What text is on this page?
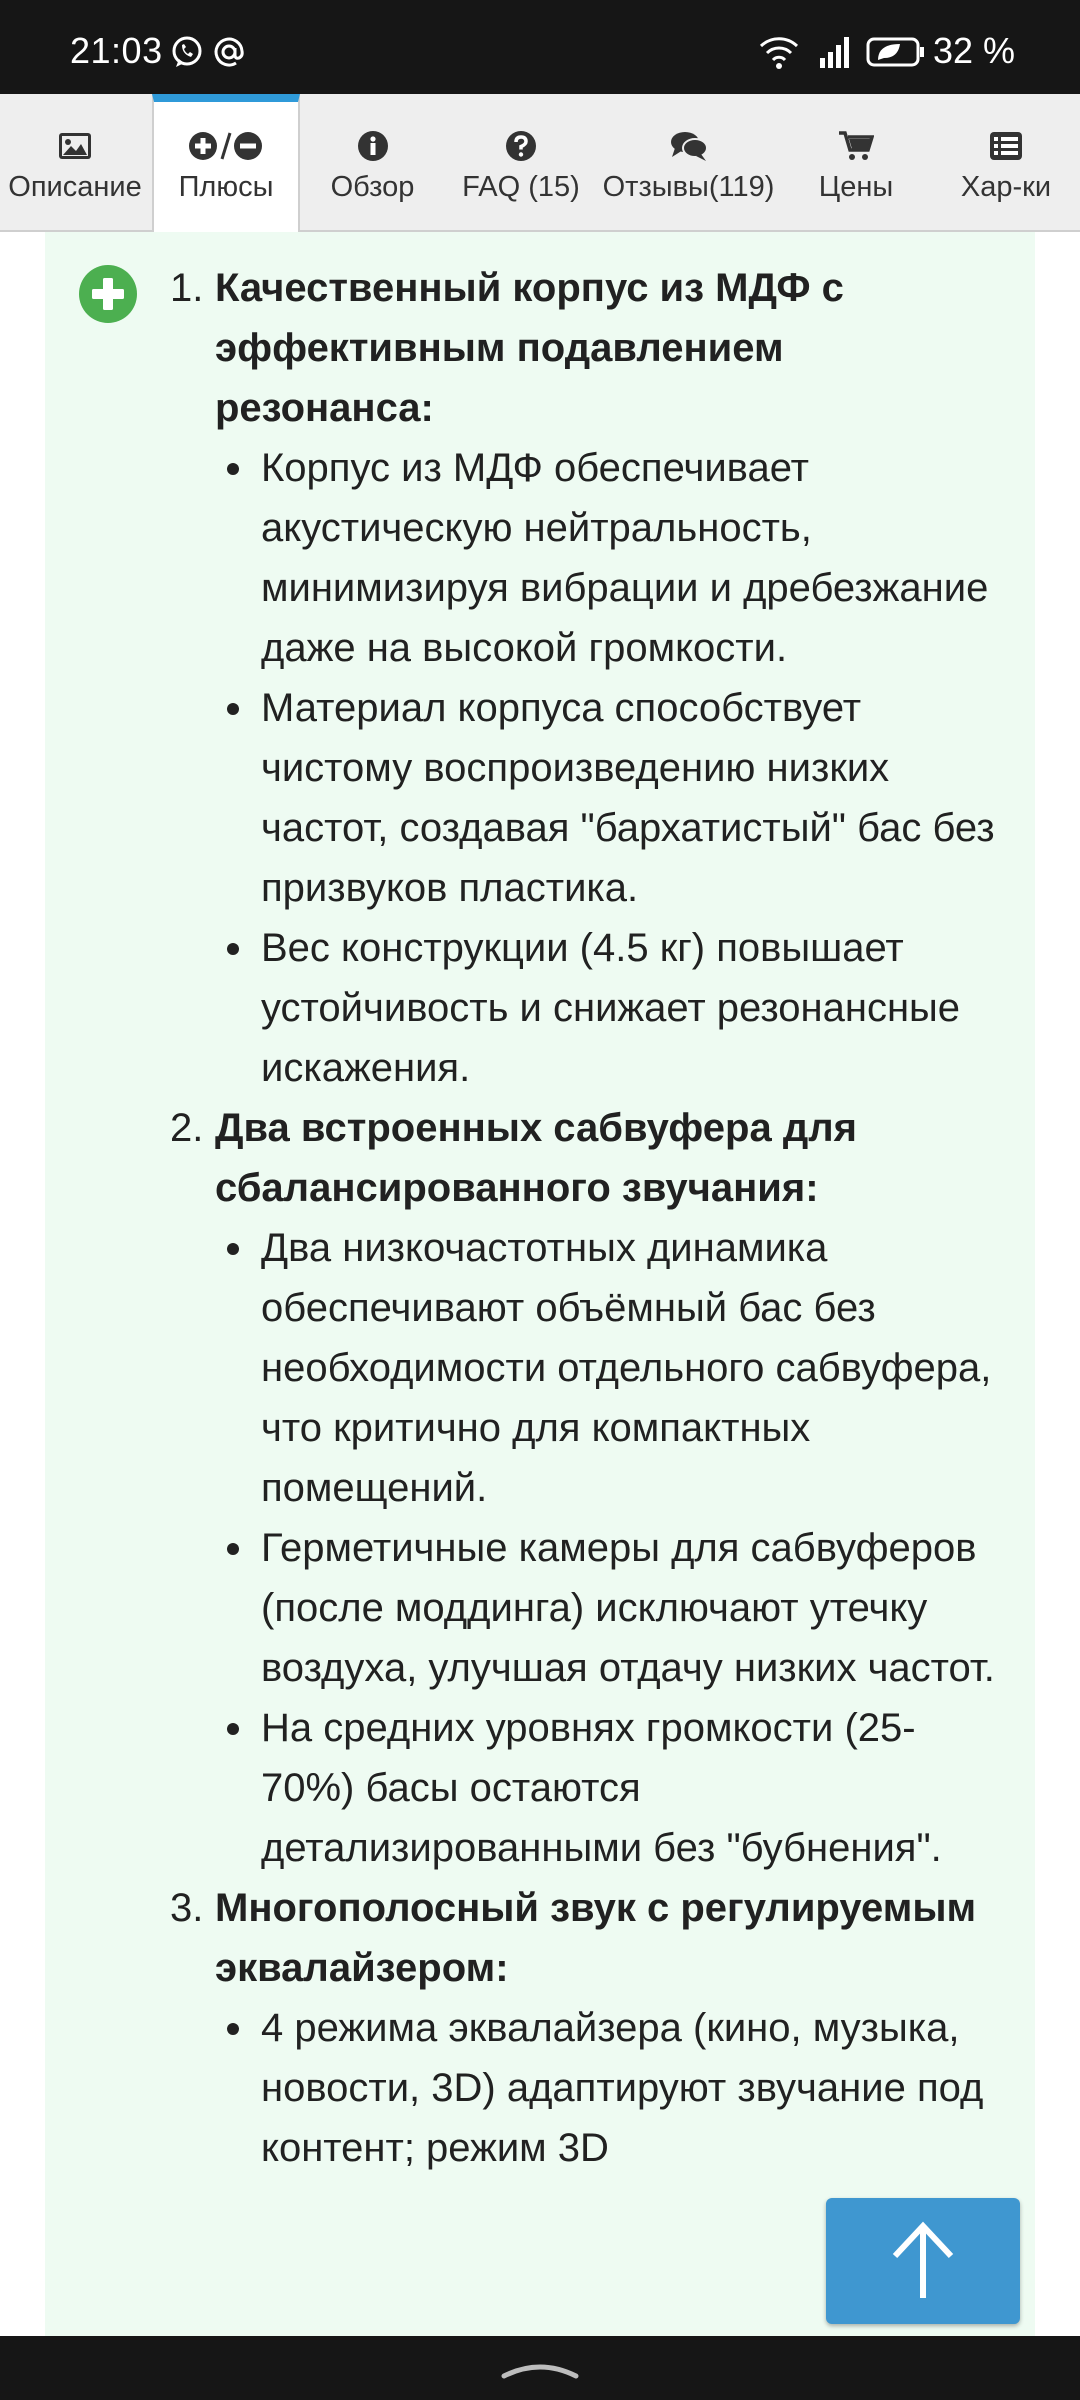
21:03	32 %
Описание	Плюсы	Обзор	FAQ (15) Отзывы(119)	Цены	Хар-ки
1. Качественный корпус из МДФ с эффективным подавлением резонанса:
Корпус из МДФ обеспечивает акустическую нейтральность, минимизируя вибрации и дребезжание даже на высокой громкости.
Материал корпуса способствует чистому воспроизведению низких частот, создавая "бархатистый" бас без призвуков пластика.
Вес конструкции (4.5 кг) повышает устойчивость и снижает резонансные искажения.
2. Два встроенных сабвуфера для сбалансированного звучания:
Два низкочастотных динамика обеспечивают объёмный бас без необходимости отдельного сабвуфера, что критично для компактных помещений.
Герметичные камеры для сабвуферов (после моддинга) исключают утечку воздуха, улучшая отдачу низких частот.
На средних уровнях громкости (25-70%) басы остаются детализированными без "бубнения".
3. Многополосный звук с регулируемым эквалайзером:
4 режима эквалайзера (кино, музыка, новости, 3D) адаптируют звучание под контент; режим 3D
